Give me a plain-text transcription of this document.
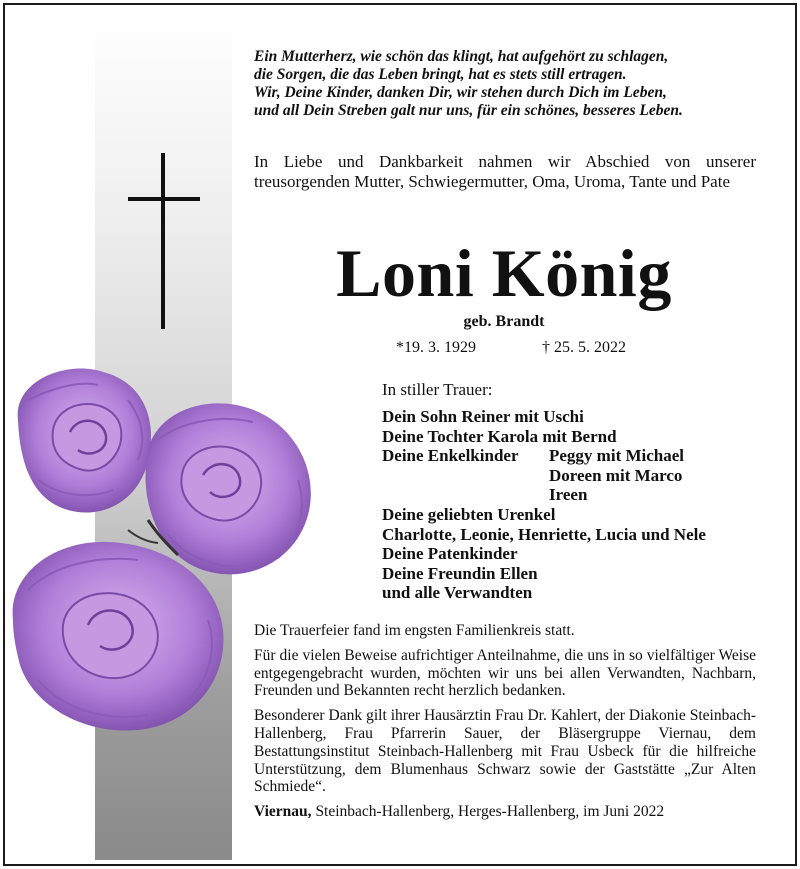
Ein Mutterherz, wie schön das klingt, hat aufgehört zu schlagen,
die Sorgen, die das Leben bringt, hat es stets still ertragen.
Wir, Deine Kinder, danken Dir, wir stehen durch Dich im Leben,
und all Dein Streben galt nur uns, für ein schönes, besseres Leben.
In Liebe und Dankbarkeit nahmen wir Abschied von unserer treusorgenden Mutter, Schwiegermutter, Oma, Uroma, Tante und Pate
Loni König
geb. Brandt
*19. 3. 1929	† 25. 5. 2022
In stiller Trauer:
Dein Sohn Reiner mit Uschi
Deine Tochter Karola mit Bernd
Deine Enkelkinder	Peggy mit Michael
Doreen mit Marco
Ireen
Deine geliebten Urenkel
Charlotte, Leonie, Henriette, Lucia und Nele
Deine Patenkinder
Deine Freundin Ellen
und alle Verwandten

Die Trauerfeier fand im engsten Familienkreis statt.

Für die vielen Beweise aufrichtiger Anteilnahme, die uns in so vielfältiger Weise entgegengebracht wurden, möchten wir uns bei allen Verwandten, Nachbarn, Freunden und Bekannten recht herzlich bedanken.

Besonderer Dank gilt ihrer Hausärztin Frau Dr. Kahlert, der Diakonie Steinbach-Hallenberg, Frau Pfarrerin Sauer, der Bläsergruppe Viernau, dem Bestattungsinstitut Steinbach-Hallenberg mit Frau Usbeck für die hilfreiche Unterstützung, dem Blumenhaus Schwarz sowie der Gaststätte „Zur Alten Schmiede“.

Viernau, Steinbach-Hallenberg, Herges-Hallenberg, im Juni 2022
